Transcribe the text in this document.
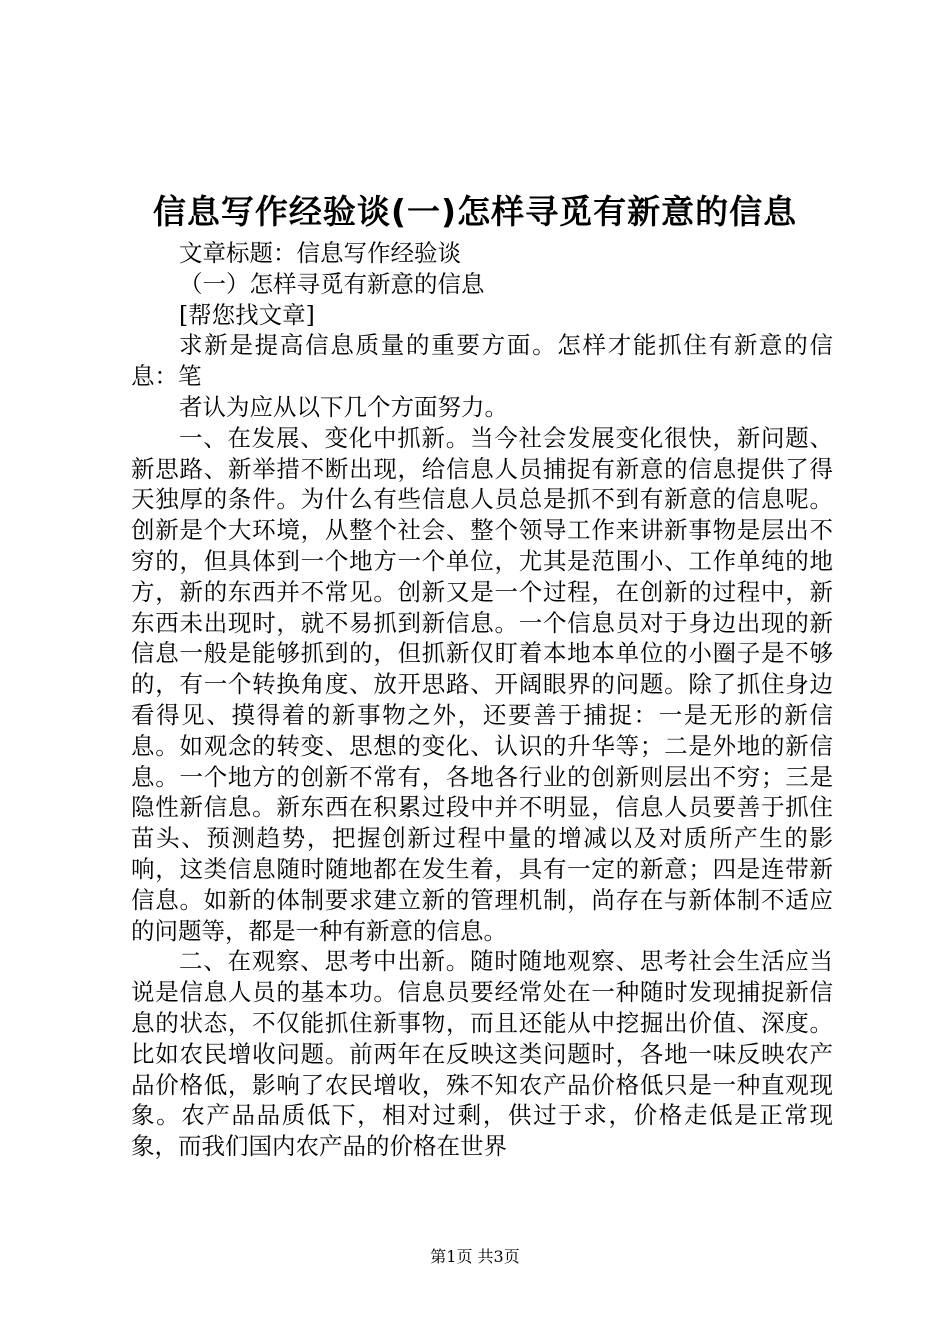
信息写作经验谈(一)怎样寻觅有新意的信息

文章标题：信息写作经验谈

（一）怎样寻觅有新意的信息

[帮您找文章]

求新是提高信息质量的重要方面。怎样才能抓住有新意的信息：笔

者认为应从以下几个方面努力。

一、在发展、变化中抓新。当今社会发展变化很快，新问题、新思路、新举措不断出现，给信息人员捕捉有新意的信息提供了得天独厚的条件。为什么有些信息人员总是抓不到有新意的信息呢。创新是个大环境，从整个社会、整个领导工作来讲新事物是层出不穷的，但具体到一个地方一个单位，尤其是范围小、工作单纯的地方，新的东西并不常见。创新又是一个过程，在创新的过程中，新东西未出现时，就不易抓到新信息。一个信息员对于身边出现的新信息一般是能够抓到的，但抓新仅盯着本地本单位的小圈子是不够的，有一个转换角度、放开思路、开阔眼界的问题。除了抓住身边看得见、摸得着的新事物之外，还要善于捕捉：一是无形的新信息。如观念的转变、思想的变化、认识的升华等；二是外地的新信息。一个地方的创新不常有，各地各行业的创新则层出不穷；三是隐性新信息。新东西在积累过段中并不明显，信息人员要善于抓住苗头、预测趋势，把握创新过程中量的增减以及对质所产生的影响，这类信息随时随地都在发生着，具有一定的新意；四是连带新信息。如新的体制要求建立新的管理机制，尚存在与新体制不适应的问题等，都是一种有新意的信息。

二、在观察、思考中出新。随时随地观察、思考社会生活应当说是信息人员的基本功。信息员要经常处在一种随时发现捕捉新信息的状态，不仅能抓住新事物，而且还能从中挖掘出价值、深度。比如农民增收问题。前两年在反映这类问题时，各地一味反映农产品价格低，影响了农民增收，殊不知农产品价格低只是一种直观现象。农产品品质低下，相对过剩，供过于求，价格走低是正常现象，而我们国内农产品的价格在世界

第1页 共3页
